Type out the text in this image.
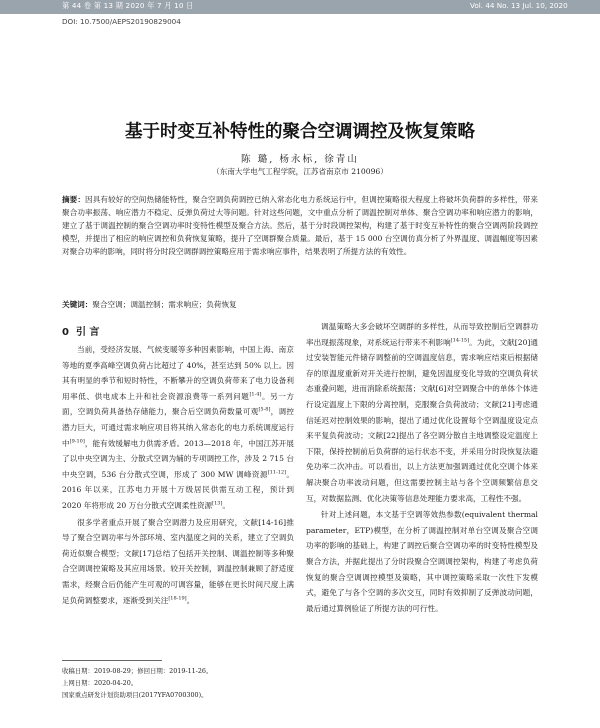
第 44 卷 第 13 期 2020 年 7 月 10 日	Vol. 44 No. 13 Jul. 10, 2020
DOI: 10.7500/AEPS20190829004
基于时变互补特性的聚合空调调控及恢复策略
陈 璐, 杨永标, 徐青山
（东南大学电气工程学院，江苏省南京市 210096）

摘要：因具有较好的空间热储能特性，聚合空调负荷调控已纳入常态化电力系统运行中，但调控策略很大程度上将破坏负荷群的多样性，带来聚合功率振荡、响应潜力不稳定、反弹负荷过大等问题。针对这些问题，文中重点分析了调温控制对单体、聚合空调功率和响应潜力的影响，建立了基于调温控制的聚合空调功率时变特性模型及聚合方法。然后，基于分时段调控架构，构建了基于时变互补特性的聚合空调两阶段调控模型，并提出了相应的响应调控和负荷恢复策略，提升了空调群聚合质量。最后，基于 15 000 台空调仿真分析了外界温度、调温幅度等因素对聚合功率的影响，同时将分时段空调群调控策略应用于需求响应事件，结果表明了所提方法的有效性。

关键词：聚合空调；调温控制；需求响应；负荷恢复
0 引 言

当前，受经济发展、气候变暖等多种因素影响，中国上海、南京等地的夏季高峰空调负荷占比超过了 40%，甚至达到 50% 以上。因其有明显的季节和短时特性，不断攀升的空调负荷带来了电力设备利用率低、供电成本上升和社会资源浪费等一系列问题[1-4]。另一方面，空调负荷具备热存储能力，聚合后空调负荷数量可观[5-8]，调控潜力巨大，可通过需求响应项目将其纳入常态化的电力系统调度运行中[9-10]，能有效缓解电力供需矛盾。2013—2018 年，中国江苏开展了以中央空调为主、分散式空调为辅的专项调控工作，涉及 2 715 台中央空调，536 台分散式空调，形成了 300 MW 调峰资源[11-12]。2016 年以来，江苏电力开展十万级居民供需互动工程，预计到 2020 年将形成 20 万台分散式空调柔性资源[13]。

很多学者重点开展了聚合空调潜力及应用研究，文献[14-16]推导了聚合空调功率与外部环境、室内温度之间的关系，建立了空调负荷近似聚合模型；文献[17]总结了包括开关控制、调温控制等多种聚合空调调控策略及其应用场景。较开关控制，调温控制兼顾了舒适度需求，经聚合后仍能产生可观的可调容量，能够在更长时间尺度上满足负荷调整要求，逐渐受到关注[18-19]。

调温策略大多会破坏空调群的多样性，从而导致控制后空调群功率出现振荡现象，对系统运行带来不利影响[14-15]。为此，文献[20]通过安装智能元件储存调整前的空调温度信息，需求响应结束后根据储存的原温度重新对开关进行控制，避免因温度变化导致的空调负荷状态重叠问题，进而消除系统振荡；文献[6]对空调聚合中的单体个体进行设定温度上下限的分离控制，克服聚合负荷波动；文献[21]考虑通信延迟对控制效果的影响，提出了通过优化设置每个空调温度设定点来平复负荷波动；文献[22]提出了各空调分散自主地调整设定温度上下限，保持控制前后负荷群的运行状态不变，并采用分时段恢复法避免功率二次冲击。可以看出，以上方法更加强调通过优化空调个体来解决聚合功率波动问题，但这需要控制主站与各个空调频繁信息交互，对数据监测、优化决策等信息处理能力要求高，工程性不强。

针对上述问题，本文基于空调等效热参数(equivalent thermal parameter，ETP)模型，在分析了调温控制对单台空调及聚合空调功率的影响的基础上，构建了调控后聚合空调功率的时变特性模型及聚合方法，并据此提出了分时段聚合空调调控架构，构建了考虑负荷恢复的聚合空调调控模型及策略，其中调控策略采取一次性下发模式，避免了与各个空调的多次交互，同时有效抑制了反弹波动问题，最后通过算例验证了所提方法的可行性。

收稿日期：2019-08-29；修回日期：2019-11-26。
上网日期：2020-04-20。
国家重点研发计划资助项目(2017YFA0700300)。
